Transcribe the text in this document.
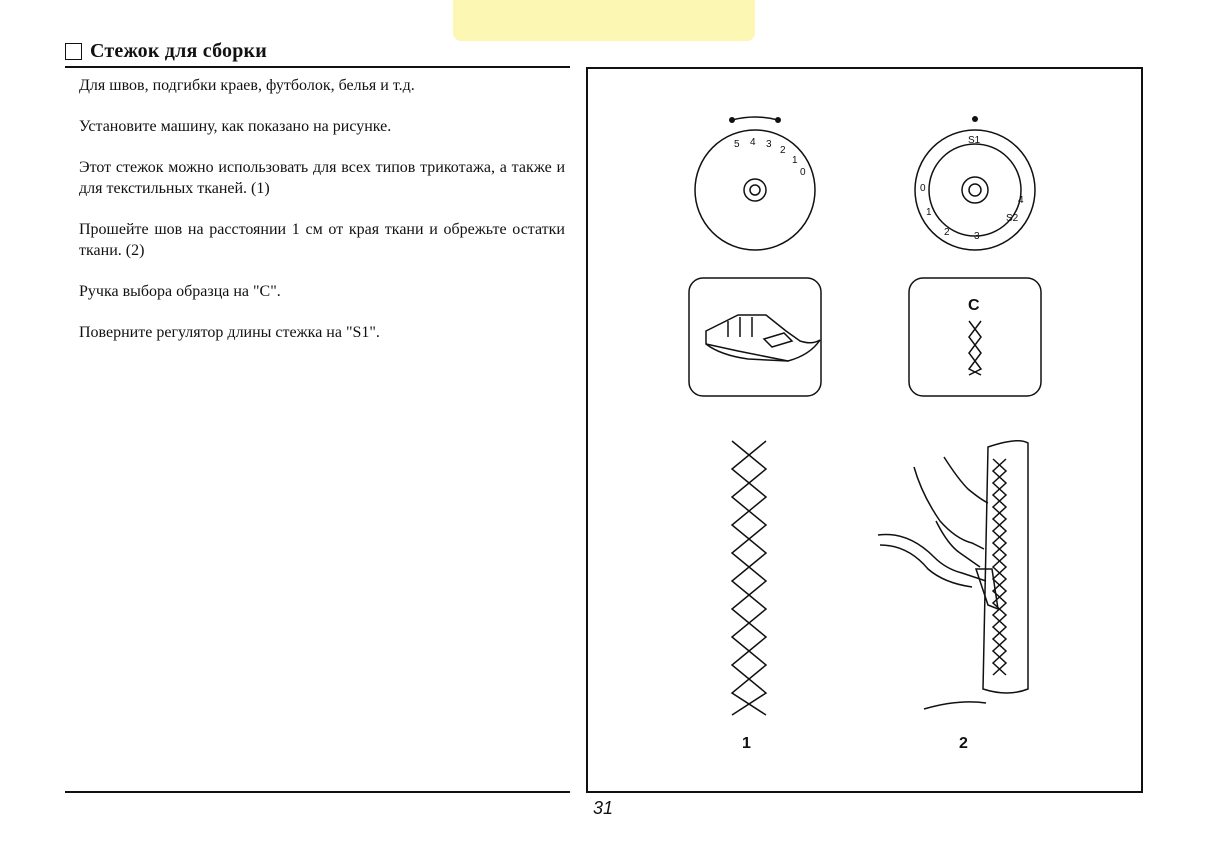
Стежок для сборки

Для швов, подгибки краев, футболок, белья и т.д.

Установите машину, как показано на рисунке.

Этот стежок можно использовать для всех типов трикотажа, а также и для текстильных тканей. (1)

Прошейте шов на расстоянии 1 см от края ткани и обрежьте остатки ткани. (2)

Ручка выбора образца на "C".

Поверните регулятор длины стежка на "S1".

5 4 3
2
1
0
S1
0
1
2 3
S2
4
C
1	2
31
